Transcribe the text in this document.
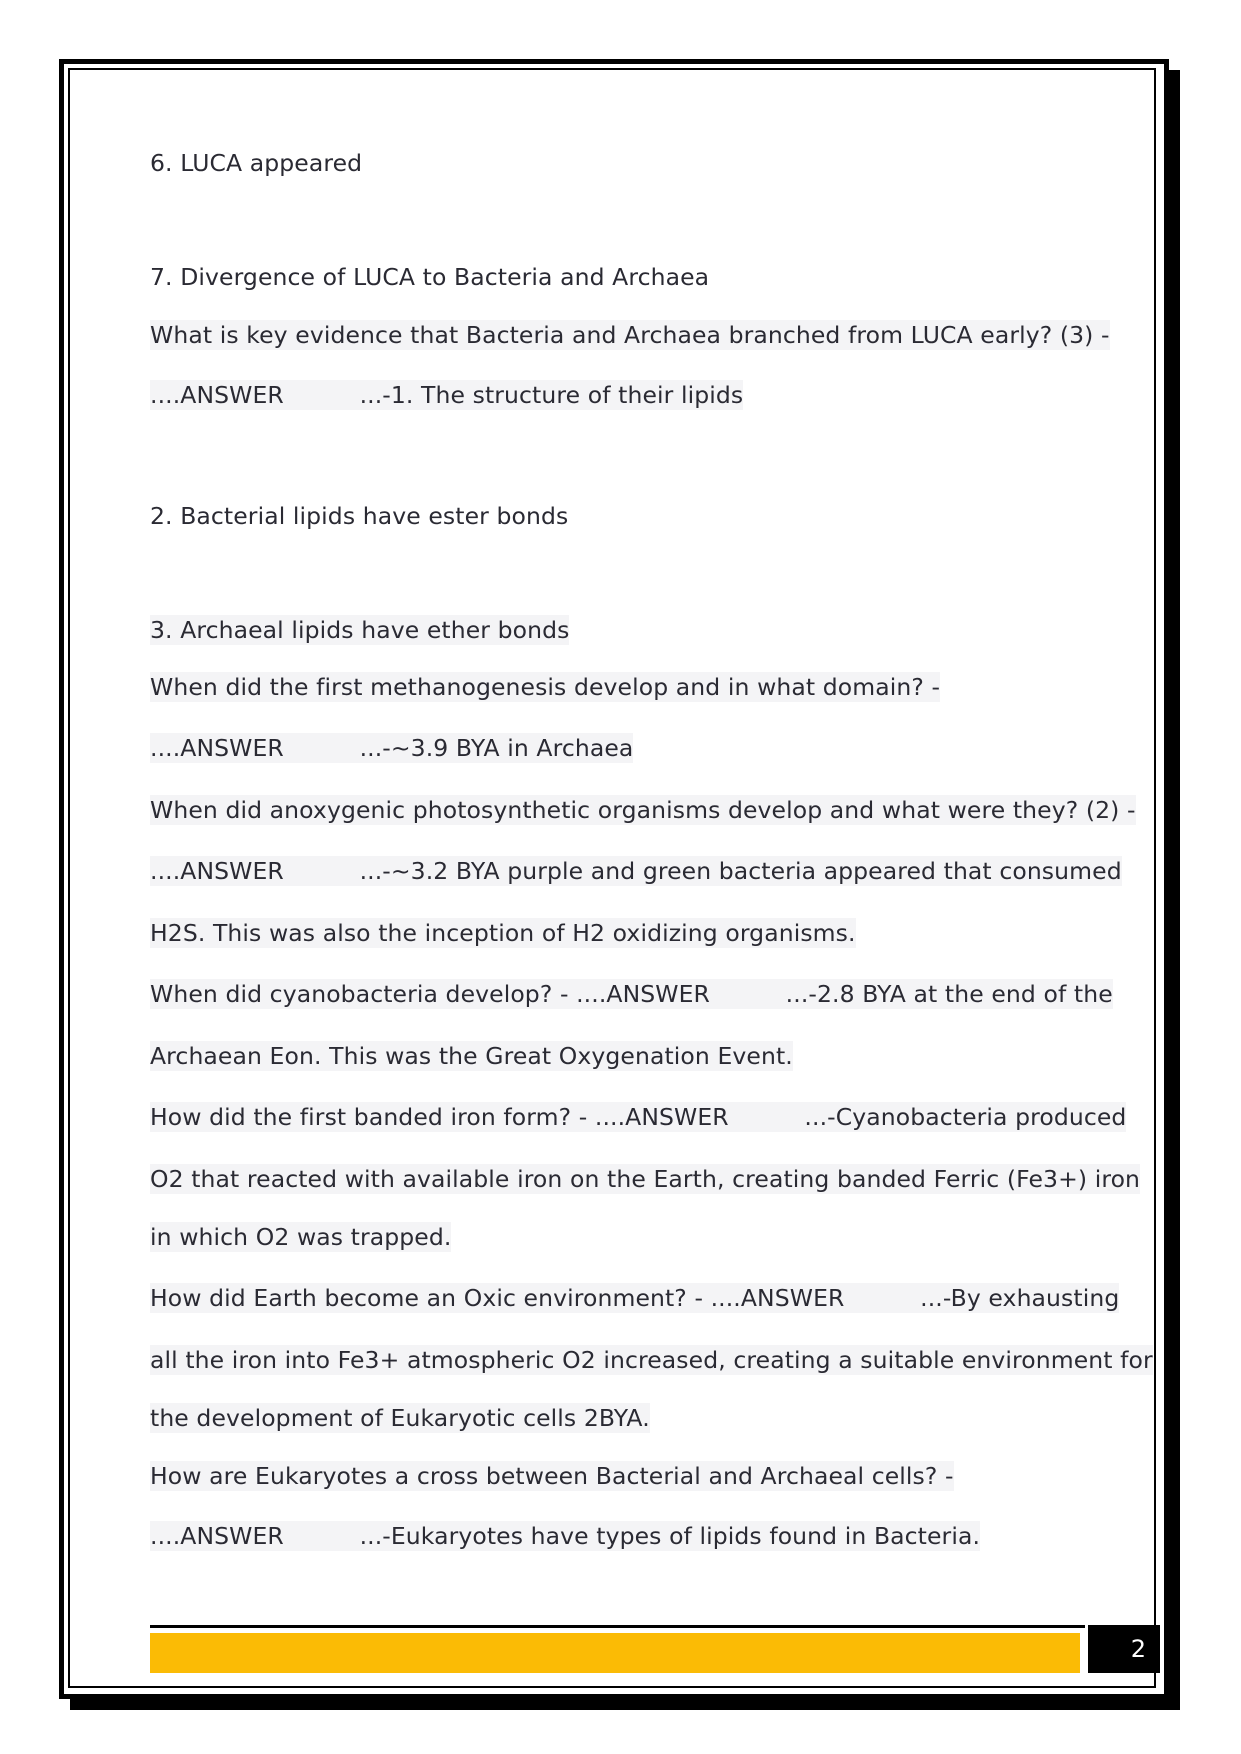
6. LUCA appeared
7. Divergence of LUCA to Bacteria and Archaea
What is key evidence that Bacteria and Archaea branched from LUCA early? (3) -
....ANSWER          ...-1. The structure of their lipids
2. Bacterial lipids have ester bonds
3. Archaeal lipids have ether bonds
When did the first methanogenesis develop and in what domain? -
....ANSWER          ...-~3.9 BYA in Archaea
When did anoxygenic photosynthetic organisms develop and what were they? (2) -
....ANSWER          ...-~3.2 BYA purple and green bacteria appeared that consumed
H2S. This was also the inception of H2 oxidizing organisms.
When did cyanobacteria develop? - ....ANSWER          ...-2.8 BYA at the end of the
Archaean Eon. This was the Great Oxygenation Event.
How did the first banded iron form? - ....ANSWER          ...-Cyanobacteria produced
O2 that reacted with available iron on the Earth, creating banded Ferric (Fe3+) iron
in which O2 was trapped.
How did Earth become an Oxic environment? - ....ANSWER          ...-By exhausting
all the iron into Fe3+ atmospheric O2 increased, creating a suitable environment for
the development of Eukaryotic cells 2BYA.
How are Eukaryotes a cross between Bacterial and Archaeal cells? -
....ANSWER          ...-Eukaryotes have types of lipids found in Bacteria.
2
